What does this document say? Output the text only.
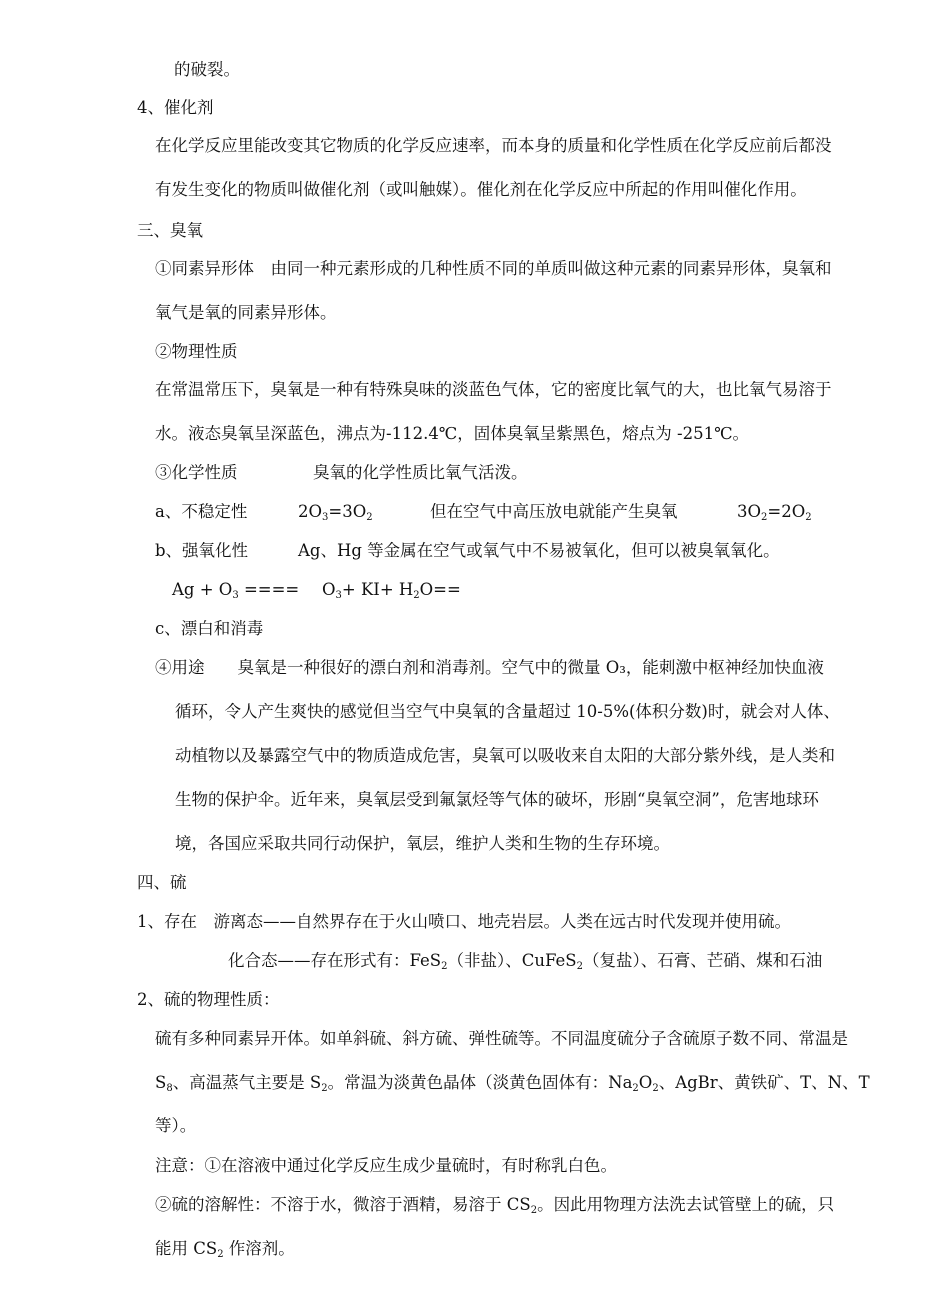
的破裂。
4、催化剂
在化学反应里能改变其它物质的化学反应速率，而本身的质量和化学性质在化学反应前后都没
有发生变化的物质叫做催化剂（或叫触媒）。催化剂在化学反应中所起的作用叫催化作用。
三、臭氧
①同素异形体　由同一种元素形成的几种性质不同的单质叫做这种元素的同素异形体，臭氧和
氧气是氧的同素异形体。
②物理性质
在常温常压下，臭氧是一种有特殊臭味的淡蓝色气体，它的密度比氧气的大，也比氧气易溶于
水。液态臭氧呈深蓝色，沸点为-112.4℃，固体臭氧呈紫黑色，熔点为 -251℃。
③化学性质	臭氧的化学性质比氧气活泼。
a、不稳定性	$2O_3=3O_2$	但在空气中高压放电就能产生臭氧	$3O_2=2O_2$
b、强氧化性	Ag、Hg 等金属在空气或氧气中不易被氧化，但可以被臭氧氧化。
$Ag + O_3$ ==== $O_3+ KI+ H_2O==$
c、漂白和消毒
④用途　　臭氧是一种很好的漂白剂和消毒剂。空气中的微量 O₃，能刺激中枢神经加快血液
循环，令人产生爽快的感觉但当空气中臭氧的含量超过 10-5%(体积分数)时，就会对人体、
动植物以及暴露空气中的物质造成危害，臭氧可以吸收来自太阳的大部分紫外线，是人类和
生物的保护伞。近年来，臭氧层受到氟氯烃等气体的破坏，形剧“臭氧空洞”，危害地球环
境，各国应采取共同行动保护，氧层，维护人类和生物的生存环境。
四、硫
1、存在　游离态——自然界存在于火山喷口、地壳岩层。人类在远古时代发现并使用硫。
化合态——存在形式有：FeS$_2$（非盐）、CuFeS$_2$（复盐）、石膏、芒硝、煤和石油
2、硫的物理性质：
硫有多种同素异开体。如单斜硫、斜方硫、弹性硫等。不同温度硫分子含硫原子数不同、常温是
$S_8$、高温蒸气主要是 $S_2$。常温为淡黄色晶体（淡黄色固体有：$Na_2O_2$、AgBr、黄铁矿、T、N、T
等）。
注意：①在溶液中通过化学反应生成少量硫时，有时称乳白色。
②硫的溶解性：不溶于水，微溶于酒精，易溶于 $CS_2$。因此用物理方法洗去试管壁上的硫，只
能用 $CS_2$ 作溶剂。
